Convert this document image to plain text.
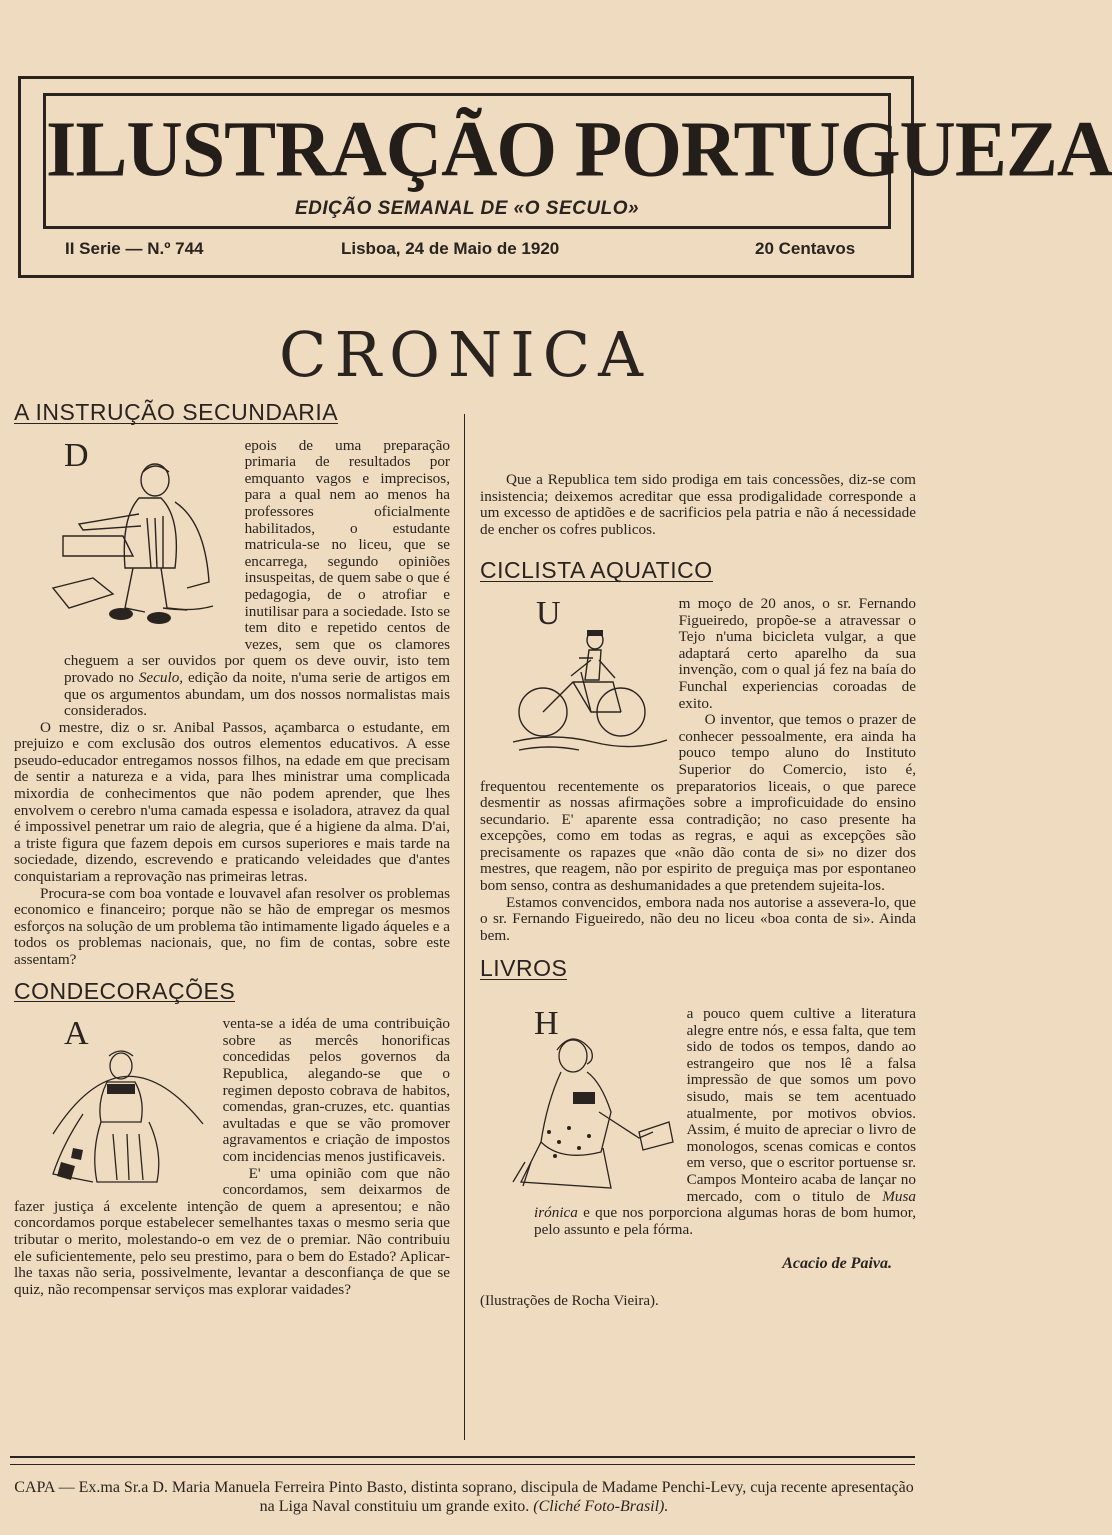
ILUSTRAÇÃO PORTUGUEZA
EDIÇÃO SEMANAL DE «O SECULO»
II Serie — N.º 744	Lisboa, 24 de Maio de 1920	20 Centavos
CRONICA
A INSTRUÇÃO SECUNDARIA

D	epois de uma preparação primaria de resultados por emquanto vagos e imprecisos, para a qual nem ao menos ha professores oficialmente habilitados, o estudante matricula-se no liceu, que se encarrega, segundo opiniões insuspeitas, de quem sabe o que é pedagogia, de o atrofiar e inutilisar para a sociedade. Isto se tem dito e repetido centos de vezes, sem que os clamores cheguem a ser ouvidos por quem os deve ouvir, isto tem provado no Seculo, edição da noite, n'uma serie de artigos em que os argumentos abundam, um dos nossos normalistas mais considerados.

O mestre, diz o sr. Anibal Passos, açambarca o estudante, em prejuizo e com exclusão dos outros elementos educativos. A esse pseudo-educador entregamos nossos filhos, na edade em que precisam de sentir a natureza e a vida, para lhes ministrar uma complicada mixordia de conhecimentos que não podem aprender, que lhes envolvem o cerebro n'uma camada espessa e isoladora, atravez da qual é impossivel penetrar um raio de alegria, que é a higiene da alma. D'ai, a triste figura que fazem depois em cursos superiores e mais tarde na sociedade, dizendo, escrevendo e praticando veleidades que d'antes conquistariam a reprovação nas primeiras letras.

Procura-se com boa vontade e louvavel afan resolver os problemas economico e financeiro; porque não se hão de empregar os mesmos esforços na solução de um problema tão intimamente ligado áqueles e a todos os problemas nacionais, que, no fim de contas, sobre este assentam?

CONDECORAÇÕES

A	venta-se a idéa de uma contribuição sobre as mercês honorificas concedidas pelos governos da Republica, alegando-se que o regimen deposto cobrava de habitos, comendas, gran-cruzes, etc. quantias avultadas e que se vão promover agravamentos e criação de impostos com incidencias menos justificaveis.

E' uma opinião com que não concordamos, sem deixarmos de fazer justiça á excelente intenção de quem a apresentou; e não concordamos porque estabelecer semelhantes taxas o mesmo seria que tributar o merito, molestando-o em vez de o premiar. Não contribuiu ele suficientemente, pelo seu prestimo, para o bem do Estado? Aplicar-lhe taxas não seria, possivelmente, levantar a desconfiança de que se quiz, não recompensar serviços mas explorar vaidades?

Que a Republica tem sido prodiga em tais concessões, diz-se com insistencia; deixemos acreditar que essa prodigalidade corresponde a um excesso de aptidões e de sacrificios pela patria e não á necessidade de encher os cofres publicos.

CICLISTA AQUATICO

U	m moço de 20 anos, o sr. Fernando Figueiredo, propõe-se a atravessar o Tejo n'uma bicicleta vulgar, a que adaptará certo aparelho da sua invenção, com o qual já fez na baía do Funchal experiencias coroadas de exito.

O inventor, que temos o prazer de conhecer pessoalmente, era ainda ha pouco tempo aluno do Instituto Superior do Comercio, isto é, frequentou recentemente os preparatorios liceais, o que parece desmentir as nossas afirmações sobre a improficuidade do ensino secundario. E' aparente essa contradição; no caso presente ha excepções, como em todas as regras, e aqui as excepções são precisamente os rapazes que «não dão conta de si» no dizer dos mestres, que reagem, não por espirito de preguiça mas por espontaneo bom senso, contra as deshumanidades a que pretendem sujeita-los.

Estamos convencidos, embora nada nos autorise a assevera-lo, que o sr. Fernando Figueiredo, não deu no liceu «boa conta de si». Ainda bem.

LIVROS

H	a pouco quem cultive a literatura alegre entre nós, e essa falta, que tem sido de todos os tempos, dando ao estrangeiro que nos lê a falsa impressão de que somos um povo sisudo, mais se tem acentuado atualmente, por motivos obvios. Assim, é muito de apreciar o livro de monologos, scenas comicas e contos em verso, que o escritor portuense sr. Campos Monteiro acaba de lançar no mercado, com o titulo de Musa irónica e que nos porporciona algumas horas de bom humor, pelo assunto e pela fórma.

Acacio de Paiva.

(Ilustrações de Rocha Vieira).

CAPA — Ex.ma Sr.a D. Maria Manuela Ferreira Pinto Basto, distinta soprano, discipula de Madame Penchi-Levy, cuja recente apresentação na Liga Naval constituiu um grande exito. (Cliché Foto-Brasil).
